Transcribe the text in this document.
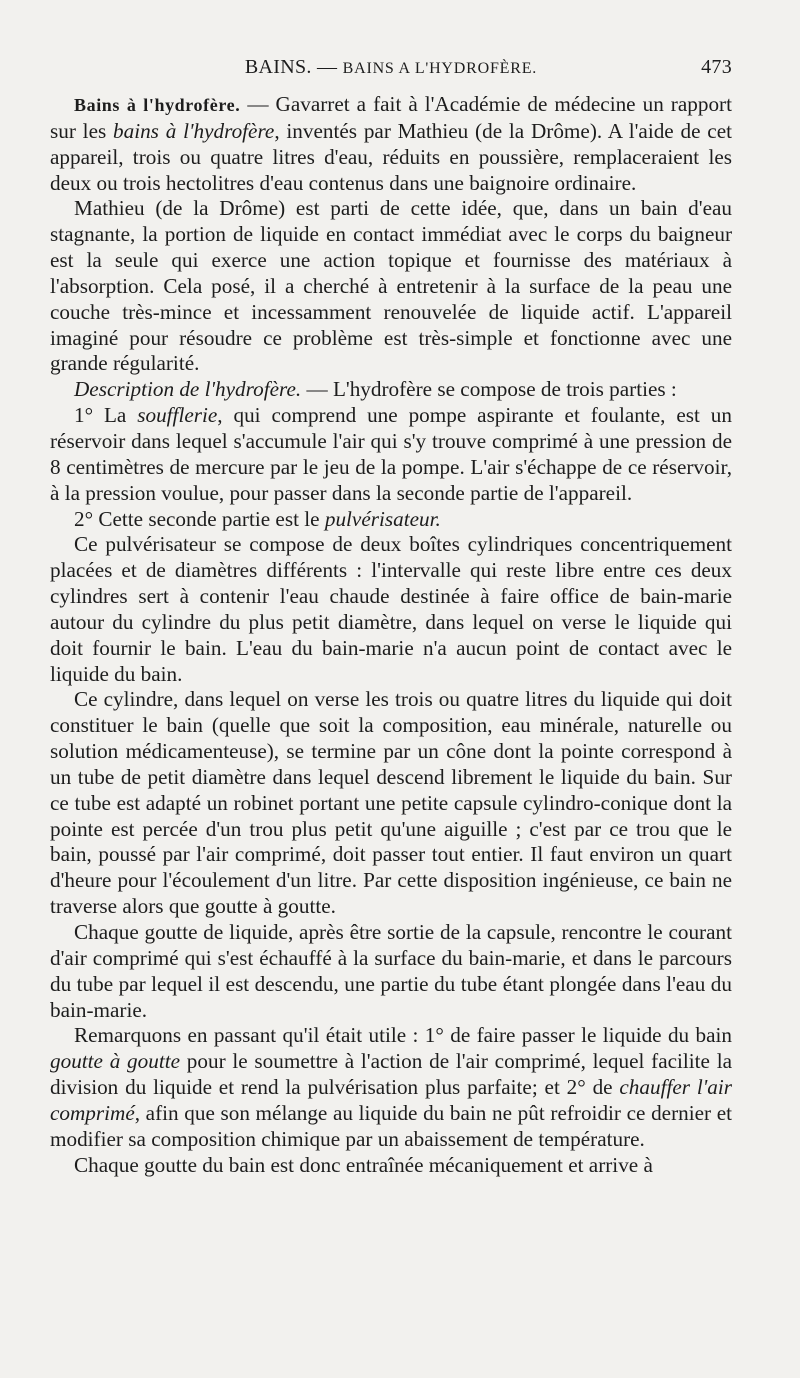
BAINS. — BAINS A L'HYDROFÈRE.	473

Bains à l'hydrofère. — Gavarret a fait à l'Académie de médecine un rapport sur les bains à l'hydrofère, inventés par Mathieu (de la Drôme). A l'aide de cet appareil, trois ou quatre litres d'eau, réduits en poussière, remplaceraient les deux ou trois hectolitres d'eau contenus dans une baignoire ordinaire.

Mathieu (de la Drôme) est parti de cette idée, que, dans un bain d'eau stagnante, la portion de liquide en contact immédiat avec le corps du baigneur est la seule qui exerce une action topique et fournisse des matériaux à l'absorption. Cela posé, il a cherché à entretenir à la surface de la peau une couche très-mince et incessamment renouvelée de liquide actif. L'appareil imaginé pour résoudre ce problème est très-simple et fonctionne avec une grande régularité.

Description de l'hydrofère. — L'hydrofère se compose de trois parties :

1° La soufflerie, qui comprend une pompe aspirante et foulante, est un réservoir dans lequel s'accumule l'air qui s'y trouve comprimé à une pression de 8 centimètres de mercure par le jeu de la pompe. L'air s'échappe de ce réservoir, à la pression voulue, pour passer dans la seconde partie de l'appareil.

2° Cette seconde partie est le pulvérisateur.

Ce pulvérisateur se compose de deux boîtes cylindriques concentriquement placées et de diamètres différents : l'intervalle qui reste libre entre ces deux cylindres sert à contenir l'eau chaude destinée à faire office de bain-marie autour du cylindre du plus petit diamètre, dans lequel on verse le liquide qui doit fournir le bain. L'eau du bain-marie n'a aucun point de contact avec le liquide du bain.

Ce cylindre, dans lequel on verse les trois ou quatre litres du liquide qui doit constituer le bain (quelle que soit la composition, eau minérale, naturelle ou solution médicamenteuse), se termine par un cône dont la pointe correspond à un tube de petit diamètre dans lequel descend librement le liquide du bain. Sur ce tube est adapté un robinet portant une petite capsule cylindro-conique dont la pointe est percée d'un trou plus petit qu'une aiguille ; c'est par ce trou que le bain, poussé par l'air comprimé, doit passer tout entier. Il faut environ un quart d'heure pour l'écoulement d'un litre. Par cette disposition ingénieuse, ce bain ne traverse alors que goutte à goutte.

Chaque goutte de liquide, après être sortie de la capsule, rencontre le courant d'air comprimé qui s'est échauffé à la surface du bain-marie, et dans le parcours du tube par lequel il est descendu, une partie du tube étant plongée dans l'eau du bain-marie.

Remarquons en passant qu'il était utile : 1° de faire passer le liquide du bain goutte à goutte pour le soumettre à l'action de l'air comprimé, lequel facilite la division du liquide et rend la pulvérisation plus parfaite; et 2° de chauffer l'air comprimé, afin que son mélange au liquide du bain ne pût refroidir ce dernier et modifier sa composition chimique par un abaissement de température.

Chaque goutte du bain est donc entraînée mécaniquement et arrive à
